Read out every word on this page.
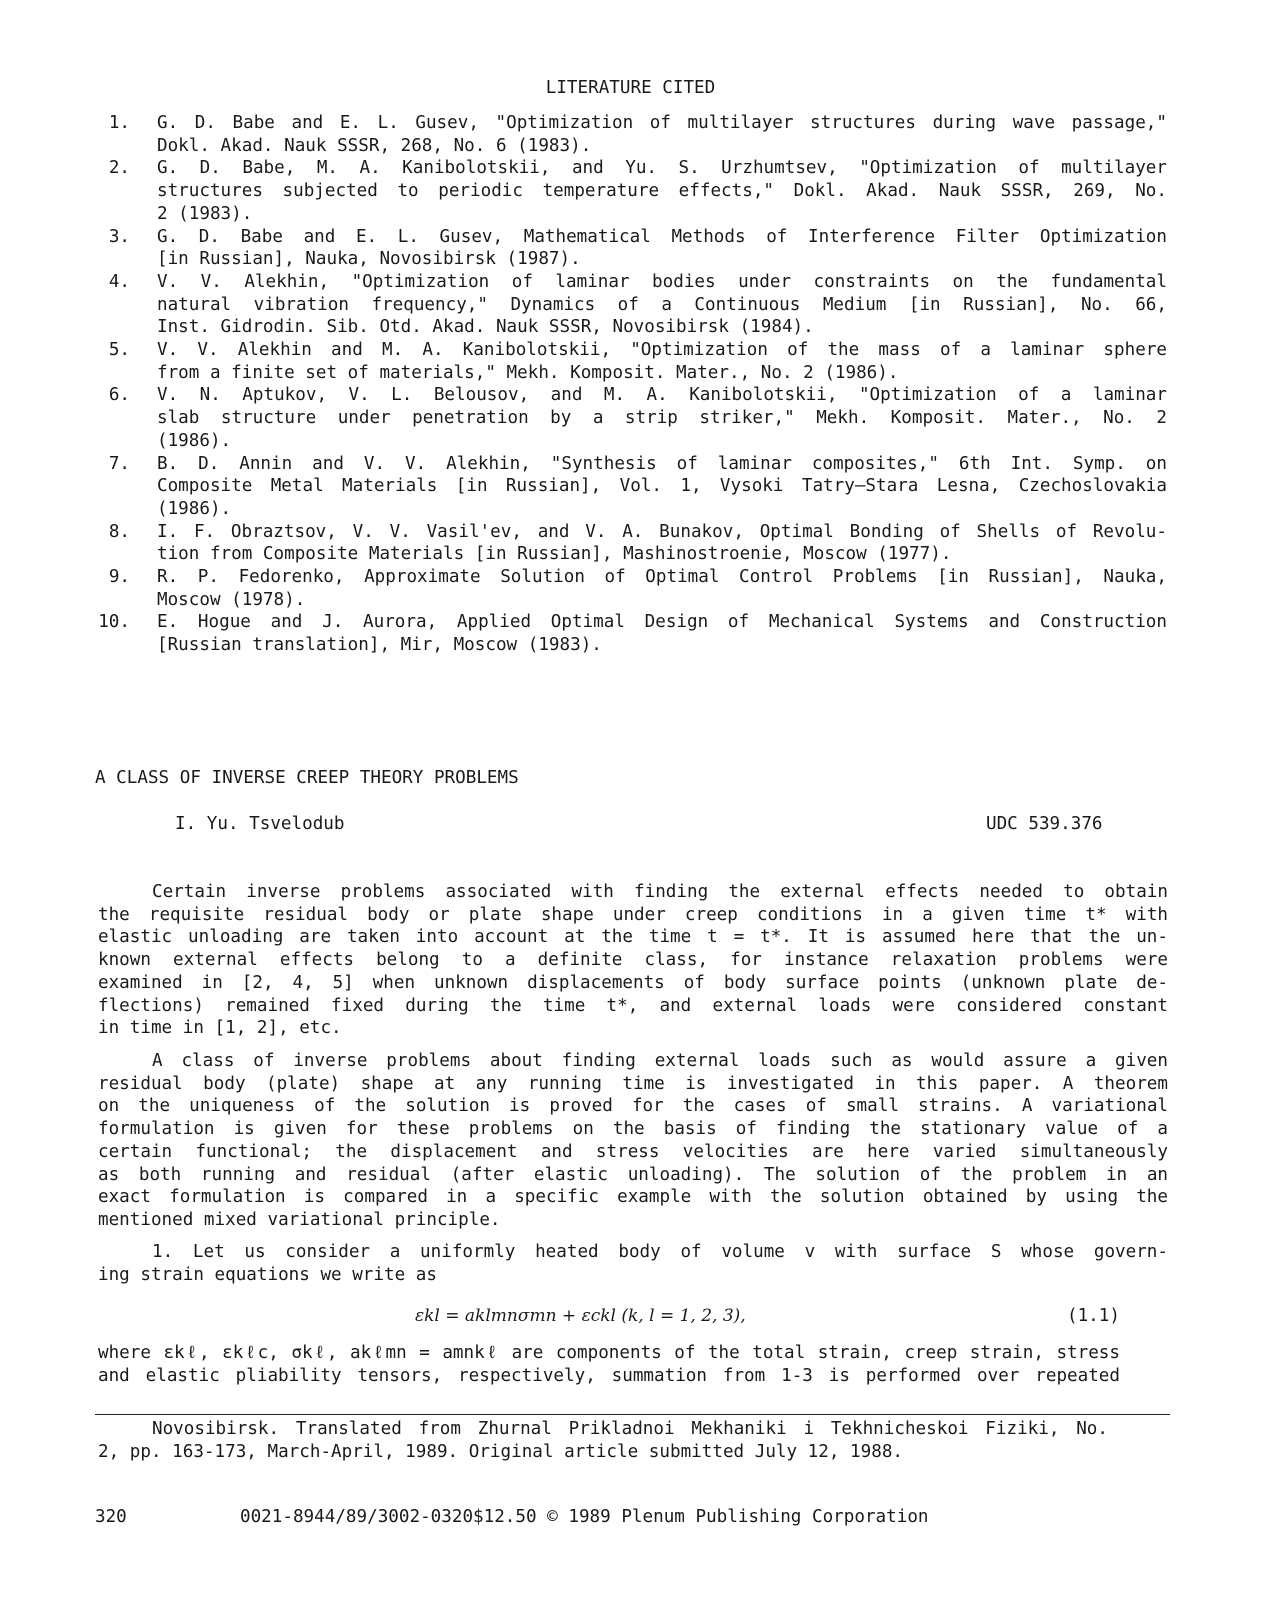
LITERATURE CITED
1. G. D. Babe and E. L. Gusev, "Optimization of multilayer structures during wave passage,"
Dokl. Akad. Nauk SSSR, 268, No. 6 (1983).
2. G. D. Babe, M. A. Kanibolotskii, and Yu. S. Urzhumtsev, "Optimization of multilayer
structures subjected to periodic temperature effects," Dokl. Akad. Nauk SSSR, 269, No.
2 (1983).
3. G. D. Babe and E. L. Gusev, Mathematical Methods of Interference Filter Optimization
[in Russian], Nauka, Novosibirsk (1987).
4. V. V. Alekhin, "Optimization of laminar bodies under constraints on the fundamental
natural vibration frequency," Dynamics of a Continuous Medium [in Russian], No. 66,
Inst. Gidrodin. Sib. Otd. Akad. Nauk SSSR, Novosibirsk (1984).
5. V. V. Alekhin and M. A. Kanibolotskii, "Optimization of the mass of a laminar sphere
from a finite set of materials," Mekh. Komposit. Mater., No. 2 (1986).
6. V. N. Aptukov, V. L. Belousov, and M. A. Kanibolotskii, "Optimization of a laminar
slab structure under penetration by a strip striker," Mekh. Komposit. Mater., No. 2
(1986).
7. B. D. Annin and V. V. Alekhin, "Synthesis of laminar composites," 6th Int. Symp. on
Composite Metal Materials [in Russian], Vol. 1, Vysoki Tatry—Stara Lesna, Czechoslovakia
(1986).
8. I. F. Obraztsov, V. V. Vasil'ev, and V. A. Bunakov, Optimal Bonding of Shells of Revolu-
tion from Composite Materials [in Russian], Mashinostroenie, Moscow (1977).
9. R. P. Fedorenko, Approximate Solution of Optimal Control Problems [in Russian], Nauka,
Moscow (1978).
10. E. Hogue and J. Aurora, Applied Optimal Design of Mechanical Systems and Construction
[Russian translation], Mir, Moscow (1983).
A CLASS OF INVERSE CREEP THEORY PROBLEMS
I. Yu. Tsvelodub	UDC 539.376
Certain inverse problems associated with finding the external effects needed to obtain
the requisite residual body or plate shape under creep conditions in a given time t* with
elastic unloading are taken into account at the time t = t*. It is assumed here that the un-
known external effects belong to a definite class, for instance relaxation problems were
examined in [2, 4, 5] when unknown displacements of body surface points (unknown plate de-
flections) remained fixed during the time t*, and external loads were considered constant
in time in [1, 2], etc.
A class of inverse problems about finding external loads such as would assure a given
residual body (plate) shape at any running time is investigated in this paper. A theorem
on the uniqueness of the solution is proved for the cases of small strains. A variational
formulation is given for these problems on the basis of finding the stationary value of a
certain functional; the displacement and stress velocities are here varied simultaneously
as both running and residual (after elastic unloading). The solution of the problem in an
exact formulation is compared in a specific example with the solution obtained by using the
mentioned mixed variational principle.
1. Let us consider a uniformly heated body of volume v with surface S whose govern-
ing strain equations we write as
εkl = aklmnσmn + εckl (k, l = 1, 2, 3),	(1.1)
where εkℓ, εkℓc, σkℓ, akℓmn = amnkℓ are components of the total strain, creep strain, stress
and elastic pliability tensors, respectively, summation from 1-3 is performed over repeated
Novosibirsk. Translated from Zhurnal Prikladnoi Mekhaniki i Tekhnicheskoi Fiziki, No.
2, pp. 163-173, March-April, 1989. Original article submitted July 12, 1988.
320	0021-8944/89/3002-0320$12.50 © 1989 Plenum Publishing Corporation
